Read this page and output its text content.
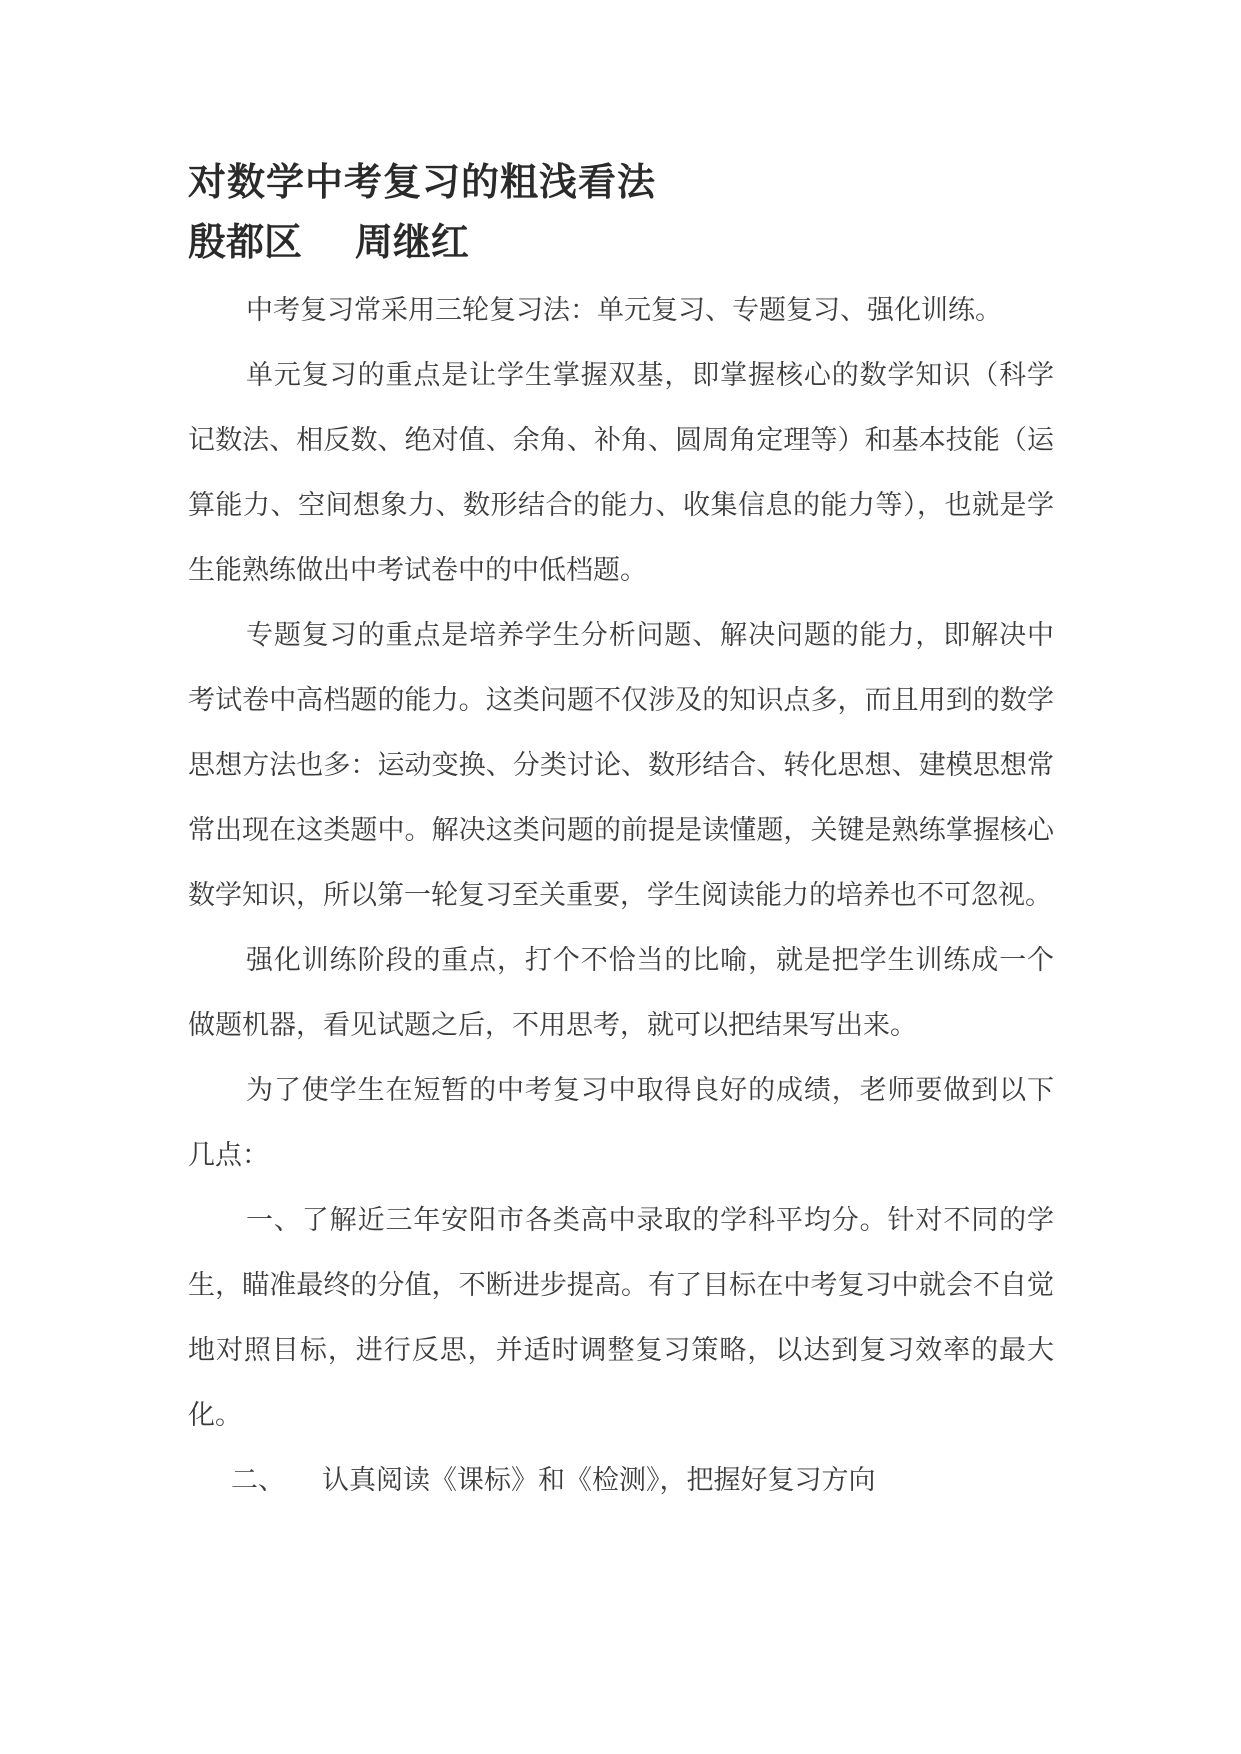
对数学中考复习的粗浅看法
殷都区    周继红

中考复习常采用三轮复习法：单元复习、专题复习、强化训练。

单元复习的重点是让学生掌握双基，即掌握核心的数学知识（科学记数法、相反数、绝对值、余角、补角、圆周角定理等）和基本技能（运算能力、空间想象力、数形结合的能力、收集信息的能力等），也就是学生能熟练做出中考试卷中的中低档题。

专题复习的重点是培养学生分析问题、解决问题的能力，即解决中考试卷中高档题的能力。这类问题不仅涉及的知识点多，而且用到的数学思想方法也多：运动变换、分类讨论、数形结合、转化思想、建模思想常常出现在这类题中。解决这类问题的前提是读懂题，关键是熟练掌握核心数学知识，所以第一轮复习至关重要，学生阅读能力的培养也不可忽视。

强化训练阶段的重点，打个不恰当的比喻，就是把学生训练成一个做题机器，看见试题之后，不用思考，就可以把结果写出来。

为了使学生在短暂的中考复习中取得良好的成绩，老师要做到以下几点：

一、了解近三年安阳市各类高中录取的学科平均分。针对不同的学生，瞄准最终的分值，不断进步提高。有了目标在中考复习中就会不自觉地对照目标，进行反思，并适时调整复习策略，以达到复习效率的最大化。

二、 认真阅读《课标》和《检测》，把握好复习方向
